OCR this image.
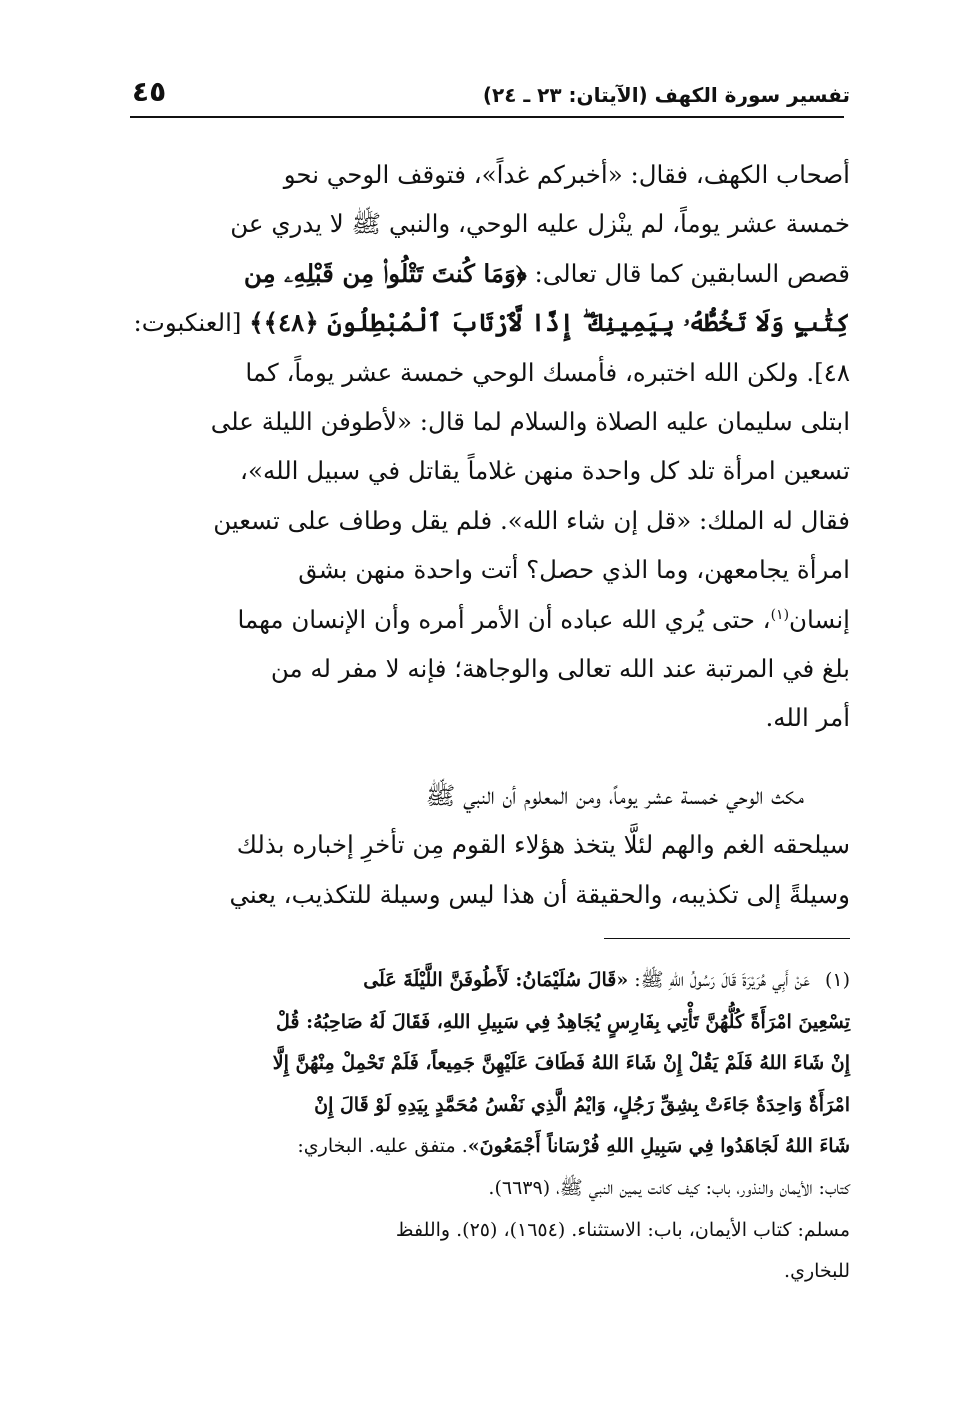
تفسير سورة الكهف (الآيتان: ٢٣ ـ ٢٤)
٤٥
أصحاب الكهف، فقال: «أخبركم غداً»، فتوقف الوحي نحو
خمسة عشر يوماً، لم ينْزل عليه الوحي، والنبي ﷺ لا يدري عن
قصص السابقين كما قال تعالى: ﴿وَمَا كُنتَ تَتْلُوا۟ مِن قَبْلِهِۦ مِن
كِتَٰبٍ وَلَا تَخُطُّهُۥ بِيَمِينِكَ ۖ إِذًا لَّٱرْتَابَ ٱلْمُبْطِلُونَ ﴿٤٨﴾﴾ [العنكبوت:
٤٨]. ولكن الله اختبره، فأمسك الوحي خمسة عشر يوماً، كما
ابتلى سليمان عليه الصلاة والسلام لما قال: «لأطوفن الليلة على
تسعين امرأة تلد كل واحدة منهن غلاماً يقاتل في سبيل الله»،
فقال له الملك: «قل إن شاء الله». فلم يقل وطاف على تسعين
امرأة يجامعهن، وما الذي حصل؟ أتت واحدة منهن بشق
إنسان$^{(١)}$، حتى يُري الله عباده أن الأمر أمره وأن الإنسان مهما
بلغ في المرتبة عند الله تعالى والوجاهة؛ فإنه لا مفر له من
أمر الله.
مكث الوحي خمسة عشر يوماً، ومن المعلوم أن النبي ﷺ
سيلحقه الغم والهم لئلَّا يتخذ هؤلاء القوم مِن تأخرِ إخباره بذلك
وسيلةً إلى تكذيبه، والحقيقة أن هذا ليس وسيلة للتكذيب، يعني
(١)عَنْ أَبِي هُرَيْرَةَ قَالَ رَسُولُ اللهِ ﷺ: «قَالَ سُلَيْمَانُ: لَأَطُوفَنَّ اللَّيْلَةَ عَلَى
تِسْعِينَ امْرَأَةً كُلُّهُنَّ تَأْتِي بِفَارِسٍ يُجَاهِدُ فِي سَبِيلِ اللهِ، فَقَالَ لَهُ صَاحِبُهُ: قُلْ
إِنْ شَاءَ اللهُ فَلَمْ يَقُلْ إِنْ شَاءَ اللهُ فَطَافَ عَلَيْهِنَّ جَمِيعاً، فَلَمْ تَحْمِلْ مِنْهُنَّ إِلَّا
امْرَأَةٌ وَاحِدَةٌ جَاءَتْ بِشِقِّ رَجُلٍ، وَايْمُ الَّذِي نَفْسُ مُحَمَّدٍ بِيَدِهِ لَوْ قَالَ إِنْ
شَاءَ اللهُ لَجَاهَدُوا فِي سَبِيلِ اللهِ فُرْسَاناً أَجْمَعُونَ». متفق عليه. البخاري:
كتاب: الأيمان والنذور، باب: كيف كانت يمين النبي ﷺ، (٦٦٣٩).
مسلم: كتاب الأيمان، باب: الاستثناء. (١٦٥٤)، (٢٥). واللفظ
للبخاري.
